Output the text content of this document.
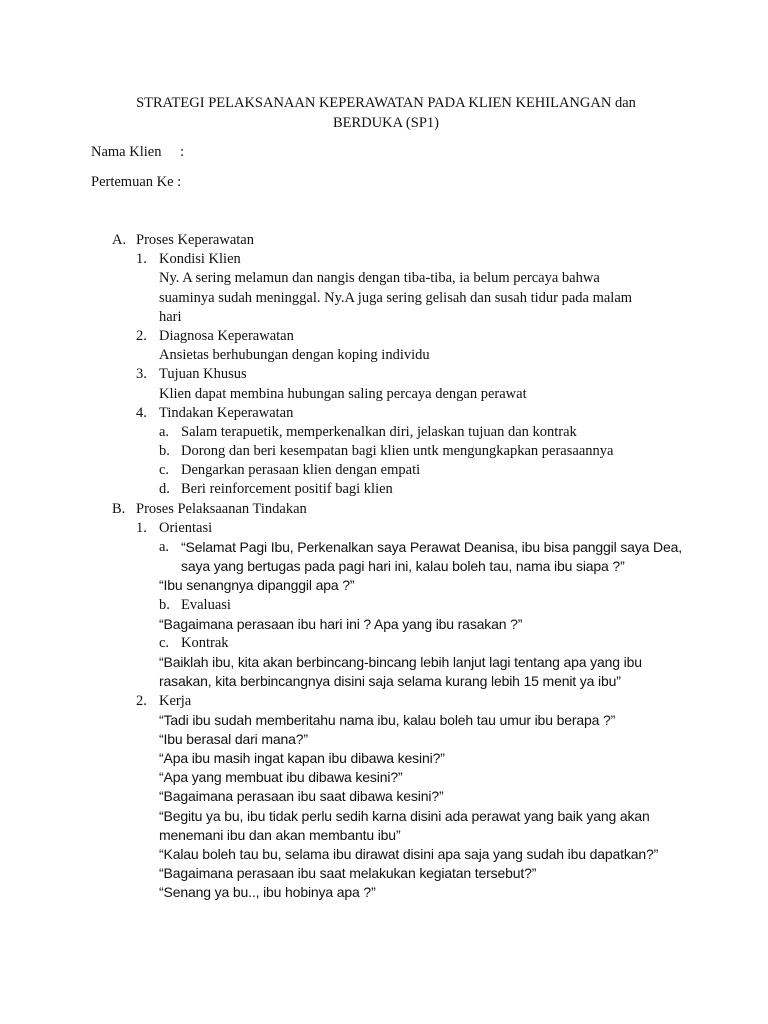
STRATEGI PELAKSANAAN KEPERAWATAN PADA KLIEN KEHILANGAN dan
BERDUKA (SP1)
Nama Klien :
Pertemuan Ke :
A. Proses Keperawatan
1. Kondisi Klien
Ny. A sering melamun dan nangis dengan tiba-tiba, ia belum percaya bahwa
suaminya sudah meninggal. Ny.A juga sering gelisah dan susah tidur pada malam
hari
2. Diagnosa Keperawatan
Ansietas berhubungan dengan koping individu
3. Tujuan Khusus
Klien dapat membina hubungan saling percaya dengan perawat
4. Tindakan Keperawatan
a. Salam terapuetik, memperkenalkan diri, jelaskan tujuan dan kontrak
b. Dorong dan beri kesempatan bagi klien untk mengungkapkan perasaannya
c. Dengarkan perasaan klien dengan empati
d. Beri reinforcement positif bagi klien
B. Proses Pelaksaanan Tindakan
1. Orientasi
a. “Selamat Pagi Ibu, Perkenalkan saya Perawat Deanisa, ibu bisa panggil saya Dea,
saya yang bertugas pada pagi hari ini, kalau boleh tau, nama ibu siapa ?”
“Ibu senangnya dipanggil apa ?”
b. Evaluasi
“Bagaimana perasaan ibu hari ini ? Apa yang ibu rasakan ?”
c. Kontrak
“Baiklah ibu, kita akan berbincang-bincang lebih lanjut lagi tentang apa yang ibu
rasakan, kita berbincangnya disini saja selama kurang lebih 15 menit ya ibu”
2. Kerja
“Tadi ibu sudah memberitahu nama ibu, kalau boleh tau umur ibu berapa ?”
“Ibu berasal dari mana?”
“Apa ibu masih ingat kapan ibu dibawa kesini?”
“Apa yang membuat ibu dibawa kesini?”
“Bagaimana perasaan ibu saat dibawa kesini?”
“Begitu ya bu, ibu tidak perlu sedih karna disini ada perawat yang baik yang akan
menemani ibu dan akan membantu ibu”
“Kalau boleh tau bu, selama ibu dirawat disini apa saja yang sudah ibu dapatkan?”
“Bagaimana perasaan ibu saat melakukan kegiatan tersebut?”
“Senang ya bu.., ibu hobinya apa ?”
